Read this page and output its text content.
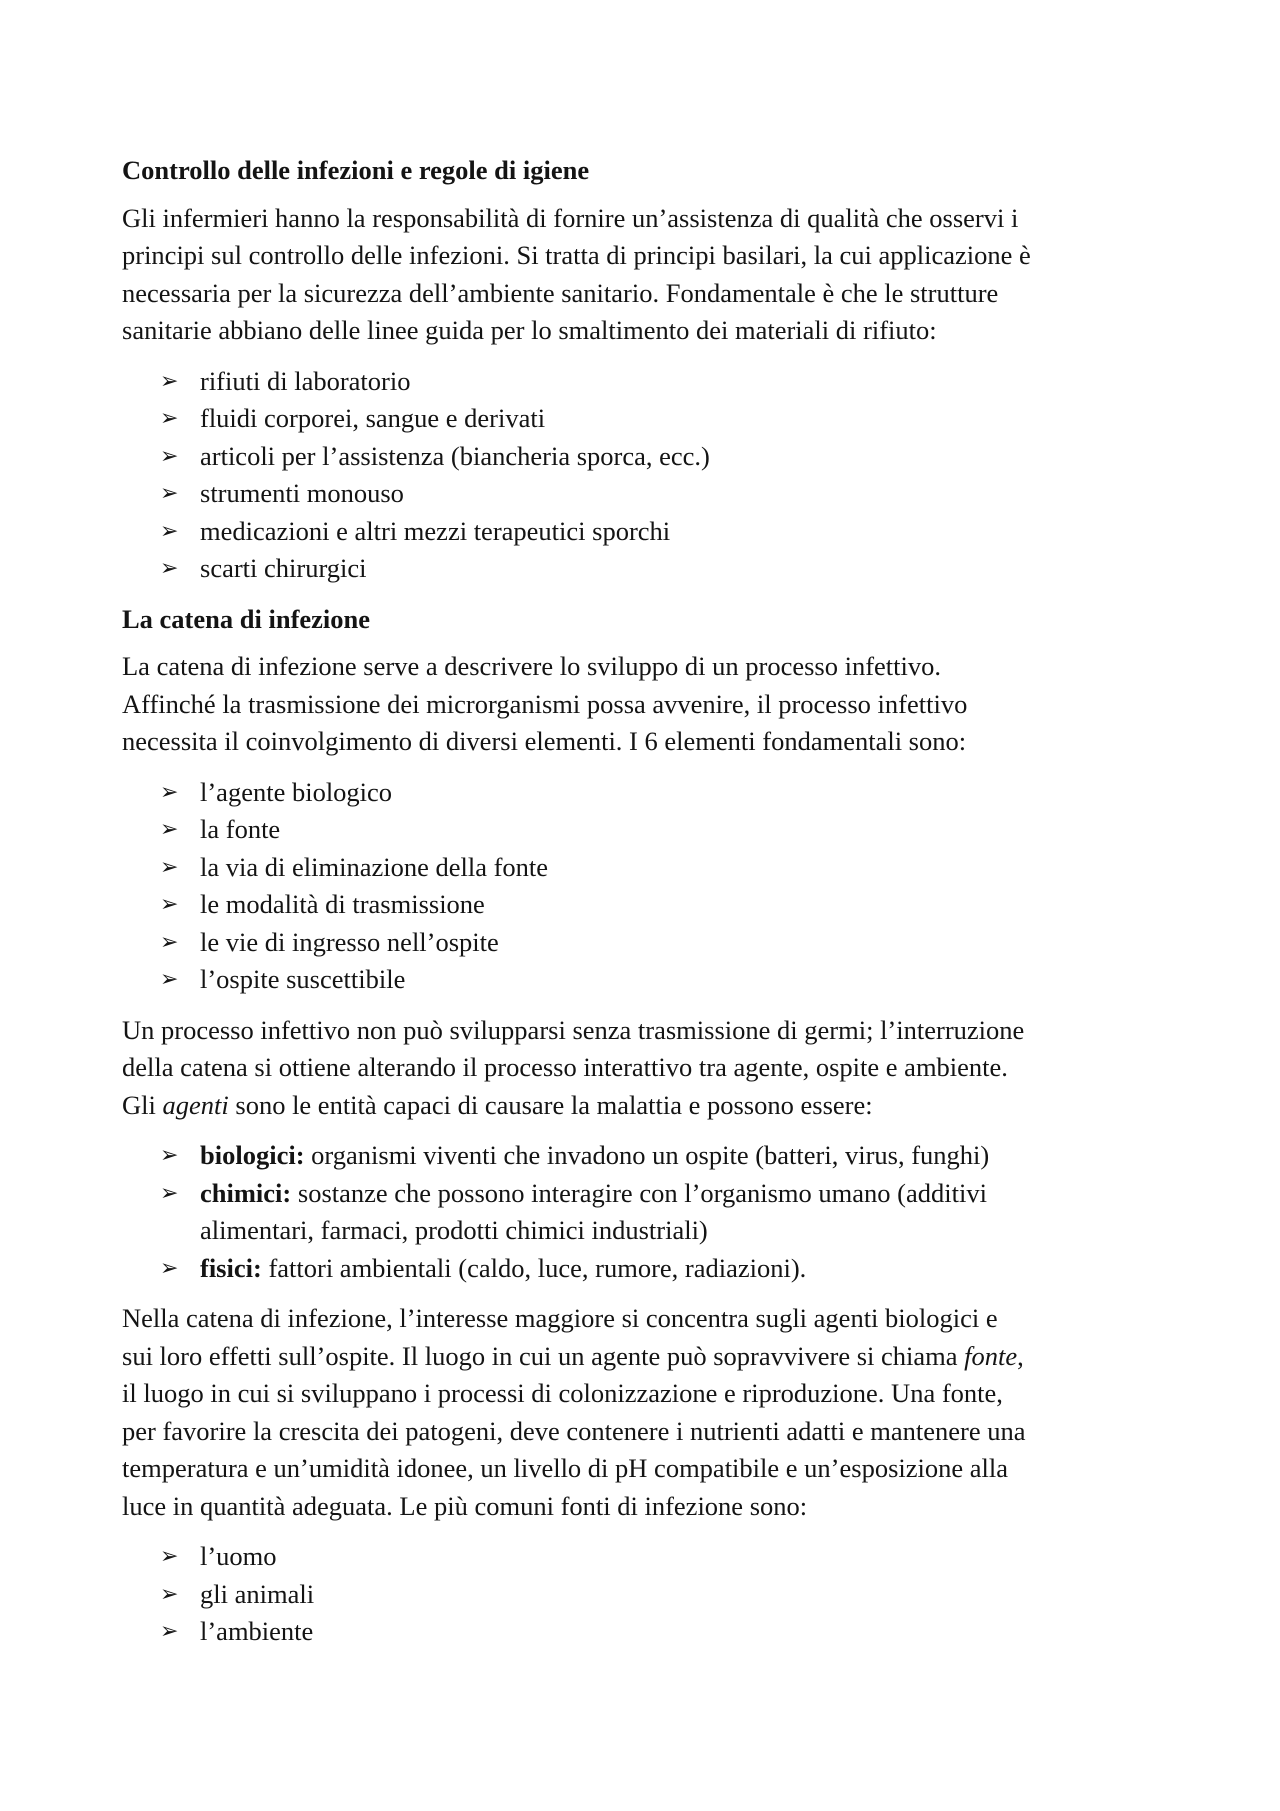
Controllo delle infezioni e regole di igiene

Gli infermieri hanno la responsabilità di fornire un’assistenza di qualità che osservi i
principi sul controllo delle infezioni. Si tratta di principi basilari, la cui applicazione è
necessaria per la sicurezza dell’ambiente sanitario. Fondamentale è che le strutture
sanitarie abbiano delle linee guida per lo smaltimento dei materiali di rifiuto:

➢ rifiuti di laboratorio
➢ fluidi corporei, sangue e derivati
➢ articoli per l’assistenza (biancheria sporca, ecc.)
➢ strumenti monouso
➢ medicazioni e altri mezzi terapeutici sporchi
➢ scarti chirurgici
La catena di infezione

La catena di infezione serve a descrivere lo sviluppo di un processo infettivo.
Affinché la trasmissione dei microrganismi possa avvenire, il processo infettivo
necessita il coinvolgimento di diversi elementi. I 6 elementi fondamentali sono:

➢ l’agente biologico
➢ la fonte
➢ la via di eliminazione della fonte
➢ le modalità di trasmissione
➢ le vie di ingresso nell’ospite
➢ l’ospite suscettibile

Un processo infettivo non può svilupparsi senza trasmissione di germi; l’interruzione
della catena si ottiene alterando il processo interattivo tra agente, ospite e ambiente.
Gli agenti sono le entità capaci di causare la malattia e possono essere:

➢ biologici: organismi viventi che invadono un ospite (batteri, virus, funghi)
➢ chimici: sostanze che possono interagire con l’organismo umano (additivi
alimentari, farmaci, prodotti chimici industriali)
➢ fisici: fattori ambientali (caldo, luce, rumore, radiazioni).

Nella catena di infezione, l’interesse maggiore si concentra sugli agenti biologici e
sui loro effetti sull’ospite. Il luogo in cui un agente può sopravvivere si chiama fonte,
il luogo in cui si sviluppano i processi di colonizzazione e riproduzione. Una fonte,
per favorire la crescita dei patogeni, deve contenere i nutrienti adatti e mantenere una
temperatura e un’umidità idonee, un livello di pH compatibile e un’esposizione alla
luce in quantità adeguata. Le più comuni fonti di infezione sono:

➢ l’uomo
➢ gli animali
➢ l’ambiente
